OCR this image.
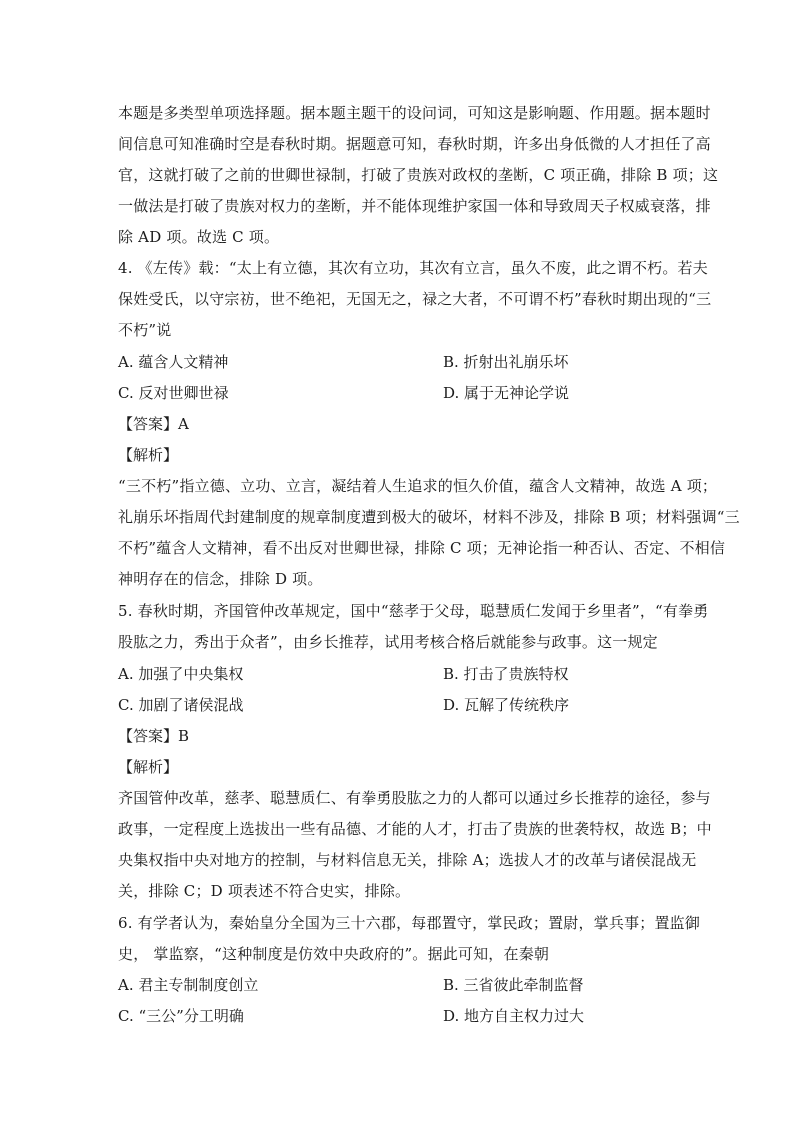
本题是多类型单项选择题。据本题主题干的设问词，可知这是影响题、作用题。据本题时
间信息可知准确时空是春秋时期。据题意可知，春秋时期，许多出身低微的人才担任了高
官，这就打破了之前的世卿世禄制，打破了贵族对政权的垄断，C 项正确，排除 B 项；这
一做法是打破了贵族对权力的垄断，并不能体现维护家国一体和导致周天子权威衰落，排
除 AD 项。故选 C 项。
4. 《左传》载：“太上有立德，其次有立功，其次有立言，虽久不废，此之谓不朽。若夫
保姓受氏，以守宗祊，世不绝祀，无国无之，禄之大者，不可谓不朽”春秋时期出现的“三
不朽”说
A. 蕴含人文精神	B. 折射出礼崩乐坏
C. 反对世卿世禄	D. 属于无神论学说
【答案】A
【解析】
“三不朽”指立德、立功、立言，凝结着人生追求的恒久价值，蕴含人文精神，故选 A 项；
礼崩乐坏指周代封建制度的规章制度遭到极大的破坏，材料不涉及，排除 B 项；材料强调“三
不朽”蕴含人文精神，看不出反对世卿世禄，排除 C 项；无神论指一种否认、否定、不相信
神明存在的信念，排除 D 项。
5. 春秋时期，齐国管仲改革规定，国中“慈孝于父母，聪慧质仁发闻于乡里者”，“有拳勇
股肱之力，秀出于众者”，由乡长推荐，试用考核合格后就能参与政事。这一规定
A. 加强了中央集权	B. 打击了贵族特权
C. 加剧了诸侯混战	D. 瓦解了传统秩序
【答案】B
【解析】
齐国管仲改革，慈孝、聪慧质仁、有拳勇股肱之力的人都可以通过乡长推荐的途径，参与
政事，一定程度上选拔出一些有品德、才能的人才，打击了贵族的世袭特权，故选 B；中
央集权指中央对地方的控制，与材料信息无关，排除 A；选拔人才的改革与诸侯混战无
关，排除 C；D 项表述不符合史实，排除。
6. 有学者认为，秦始皇分全国为三十六郡，每郡置守，掌民政；置尉，掌兵事；置监御
史， 掌监察，“这种制度是仿效中央政府的”。据此可知，在秦朝
A. 君主专制制度创立	B. 三省彼此牵制监督
C. “三公”分工明确	D. 地方自主权力过大
